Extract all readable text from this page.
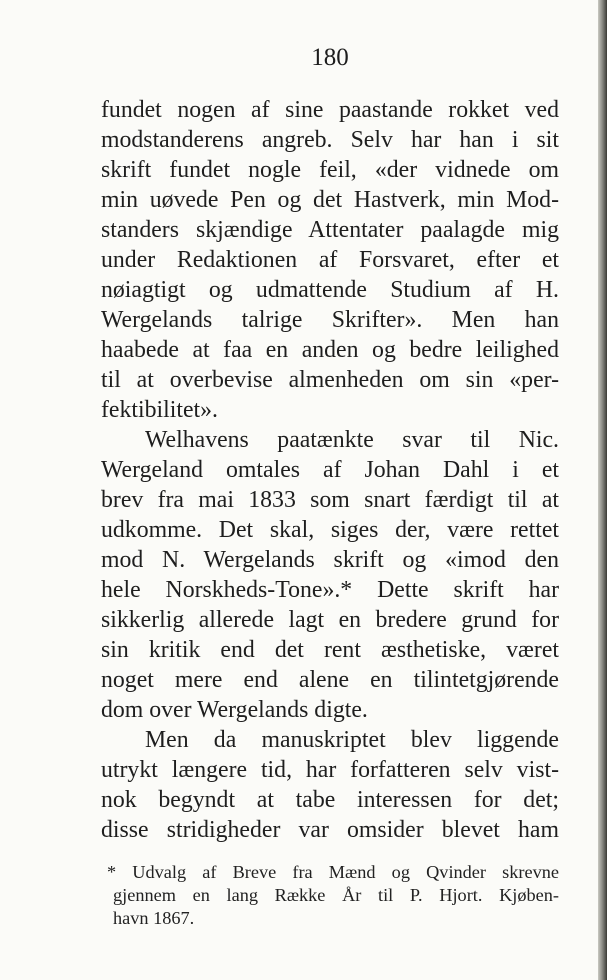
180
fundet nogen af sine paastande rokket ved
modstanderens angreb. Selv har han i sit
skrift fundet nogle feil, «der vidnede om
min uøvede Pen og det Hastverk, min Mod-
standers skjændige Attentater paalagde mig
under Redaktionen af Forsvaret, efter et
nøiagtigt og udmattende Studium af H.
Wergelands talrige Skrifter». Men han
haabede at faa en anden og bedre leilighed
til at overbevise almenheden om sin «per-
fektibilitet».
Welhavens paatænkte svar til Nic.
Wergeland omtales af Johan Dahl i et
brev fra mai 1833 som snart færdigt til at
udkomme. Det skal, siges der, være rettet
mod N. Wergelands skrift og «imod den
hele Norskheds-Tone».* Dette skrift har
sikkerlig allerede lagt en bredere grund for
sin kritik end det rent æsthetiske, været
noget mere end alene en tilintetgjørende
dom over Wergelands digte.
Men da manuskriptet blev liggende
utrykt længere tid, har forfatteren selv vist-
nok begyndt at tabe interessen for det;
disse stridigheder var omsider blevet ham
* Udvalg af Breve fra Mænd og Qvinder skrevne
gjennem en lang Række År til P. Hjort. Kjøben-
havn 1867.
